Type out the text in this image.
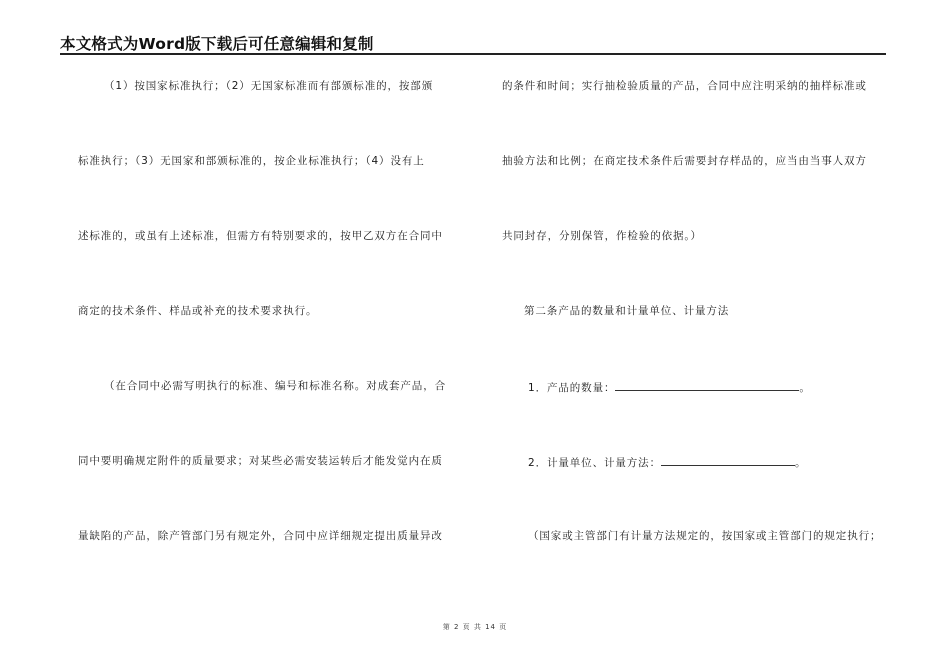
本文格式为Word版下载后可任意编辑和复制
（1）按国家标准执行；（2）无国家标准而有部颁标准的，按部颁
标准执行；（3）无国家和部颁标准的，按企业标准执行；（4）没有上
述标准的，或虽有上述标准，但需方有特别要求的，按甲乙双方在合同中
商定的技术条件、样品或补充的技术要求执行。
（在合同中必需写明执行的标准、编号和标准名称。对成套产品，合
同中要明确规定附件的质量要求；对某些必需安装运转后才能发觉内在质
量缺陷的产品，除产管部门另有规定外，合同中应详细规定提出质量异改
的条件和时间；实行抽检验质量的产品，合同中应注明采纳的抽样标准或
抽验方法和比例；在商定技术条件后需要封存样品的，应当由当事人双方
共同封存，分别保管，作检验的依据。）
第二条产品的数量和计量单位、计量方法
1．产品的数量：	。
2．计量单位、计量方法：	。
（国家或主管部门有计量方法规定的，按国家或主管部门的规定执行；
第 2 页 共 14 页
